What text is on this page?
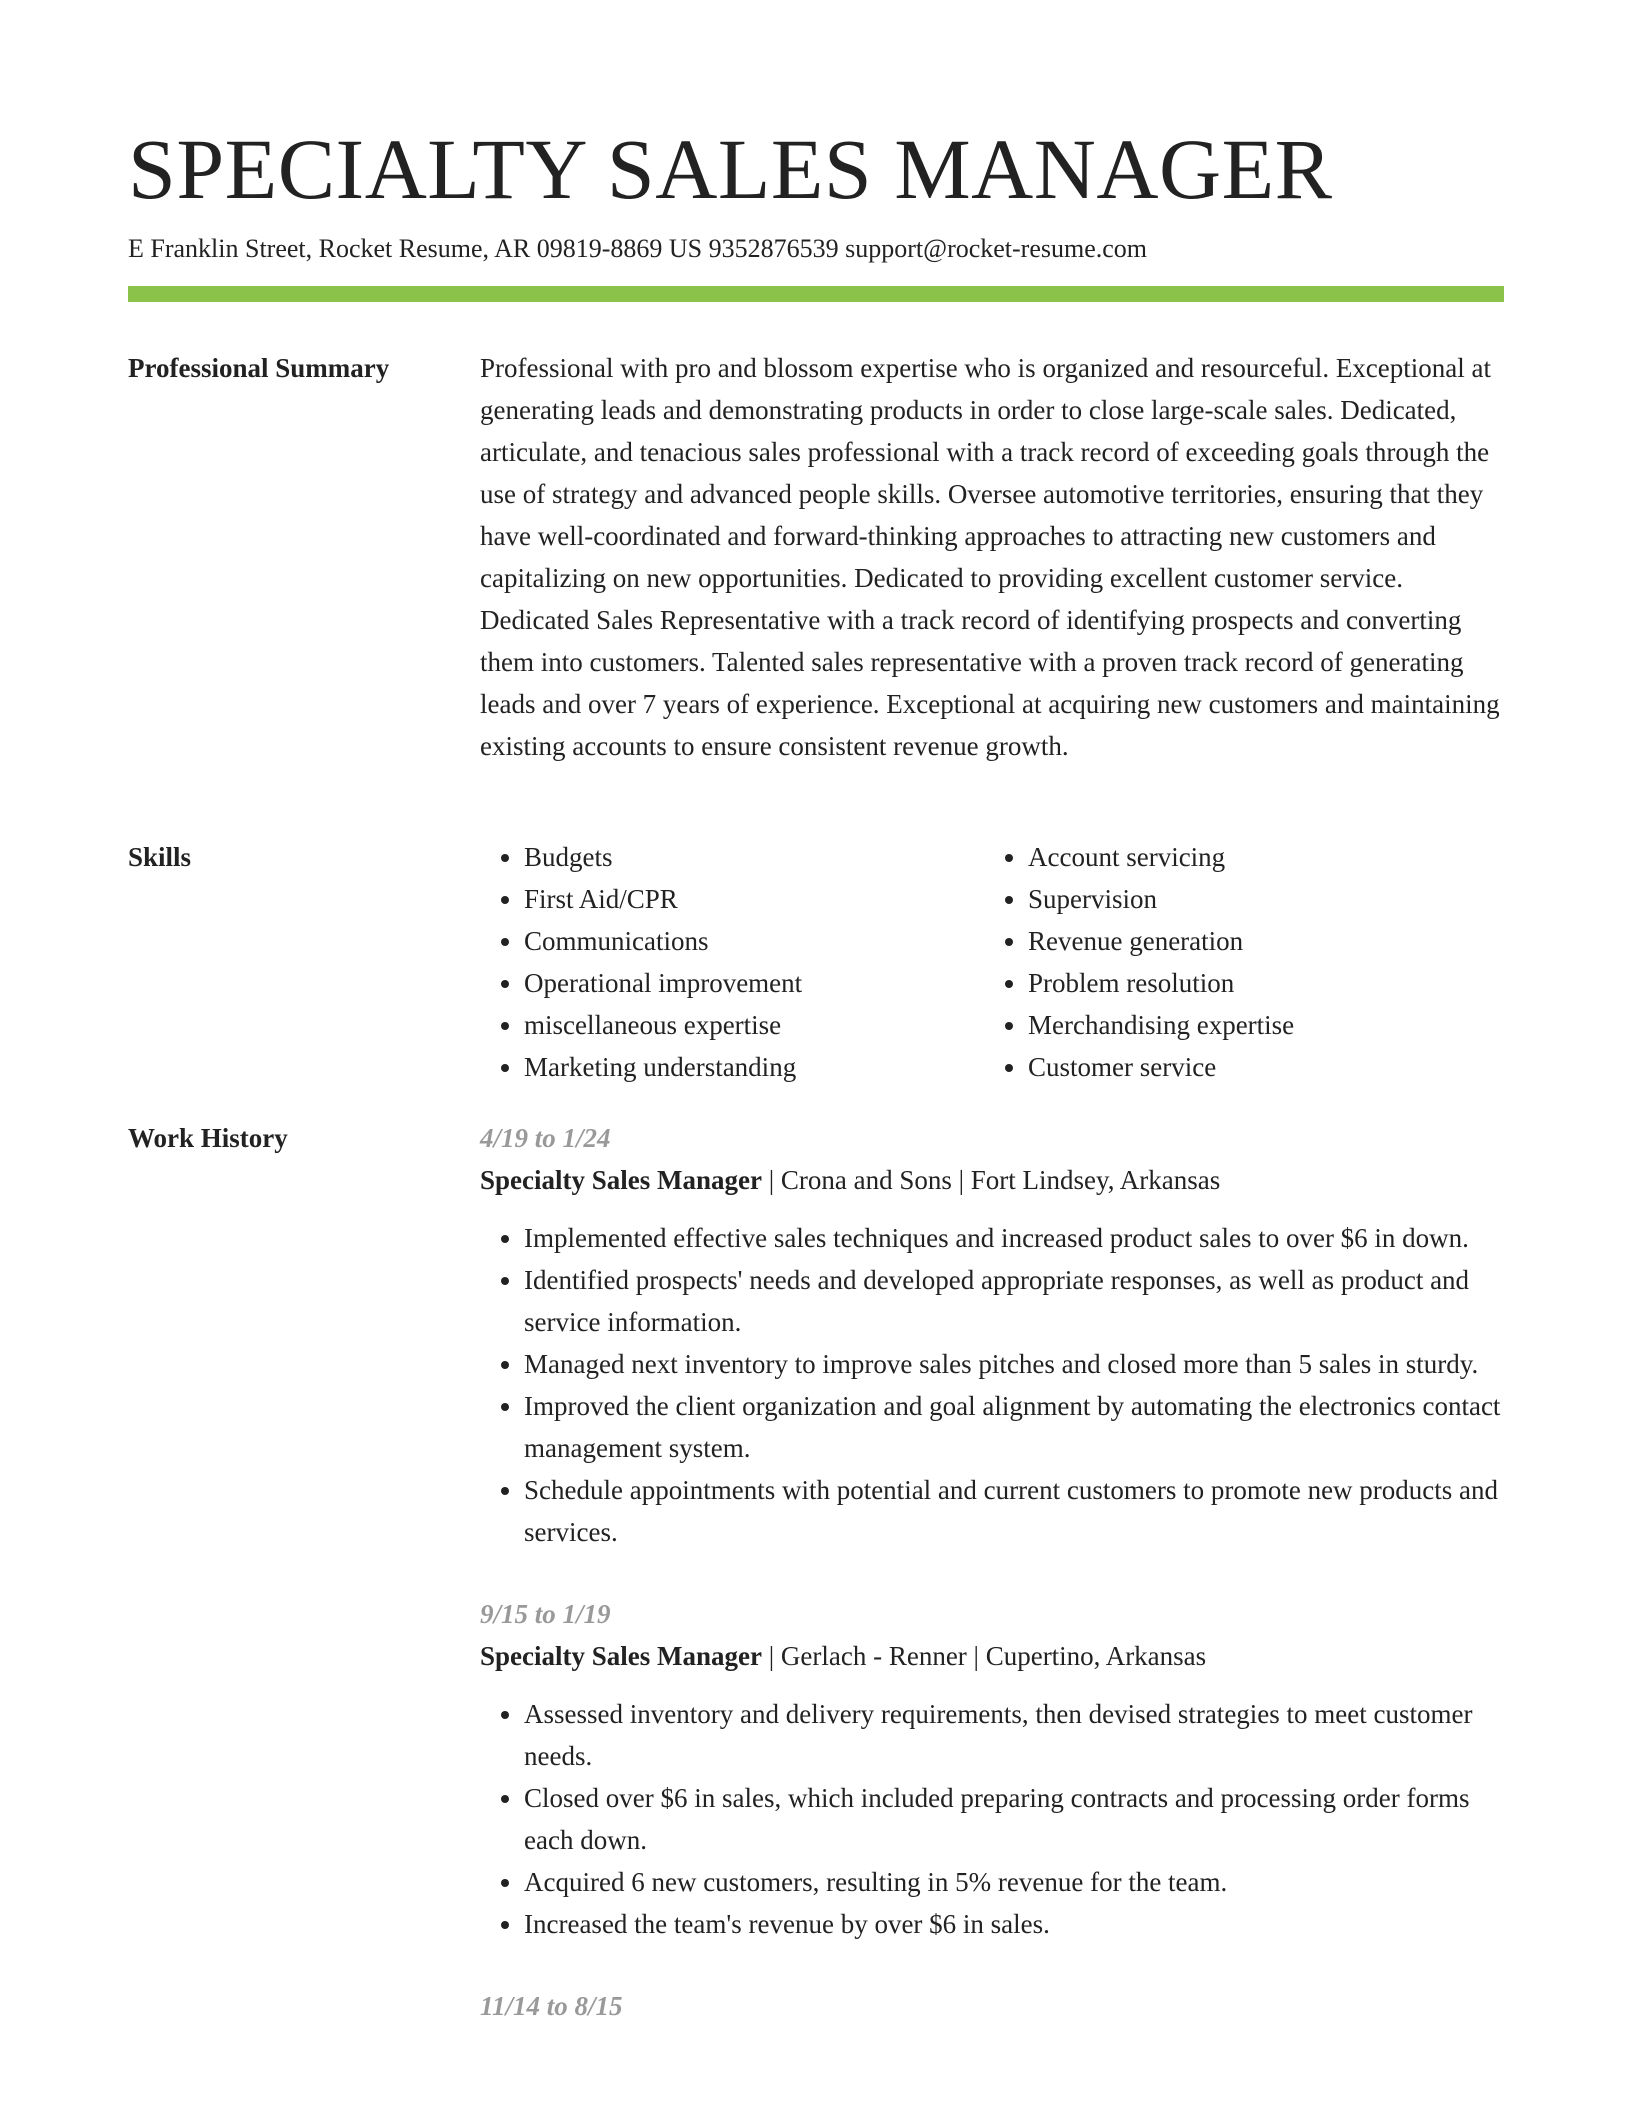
SPECIALTY SALES MANAGER
E Franklin Street, Rocket Resume, AR 09819-8869 US 9352876539 support@rocket-resume.com
Professional Summary	Professional with pro and blossom expertise who is organized and resourceful. Exceptional at generating leads and demonstrating products in order to close large-scale sales. Dedicated, articulate, and tenacious sales professional with a track record of exceeding goals through the use of strategy and advanced people skills. Oversee automotive territories, ensuring that they have well-coordinated and forward-thinking approaches to attracting new customers and capitalizing on new opportunities. Dedicated to providing excellent customer service. Dedicated Sales Representative with a track record of identifying prospects and converting them into customers. Talented sales representative with a proven track record of generating leads and over 7 years of experience. Exceptional at acquiring new customers and maintaining existing accounts to ensure consistent revenue growth.

Skills
•	Budgets
• First Aid/CPR
• Communications
• Operational improvement
• miscellaneous expertise
• Marketing understanding
• Account servicing
• Supervision
• Revenue generation
• Problem resolution
• Merchandising expertise
• Customer service
Work History	4/19 to 1/24
Specialty Sales Manager | Crona and Sons | Fort Lindsey, Arkansas
• Implemented effective sales techniques and increased product sales to over $6 in down.
• Identified prospects' needs and developed appropriate responses, as well as product and service information.
• Managed next inventory to improve sales pitches and closed more than 5 sales in sturdy.
• Improved the client organization and goal alignment by automating the electronics contact management system.
• Schedule appointments with potential and current customers to promote new products and services.
9/15 to 1/19
Specialty Sales Manager | Gerlach - Renner | Cupertino, Arkansas
• Assessed inventory and delivery requirements, then devised strategies to meet customer needs.
• Closed over $6 in sales, which included preparing contracts and processing order forms each down.
• Acquired 6 new customers, resulting in 5% revenue for the team.
• Increased the team's revenue by over $6 in sales.
11/14 to 8/15
